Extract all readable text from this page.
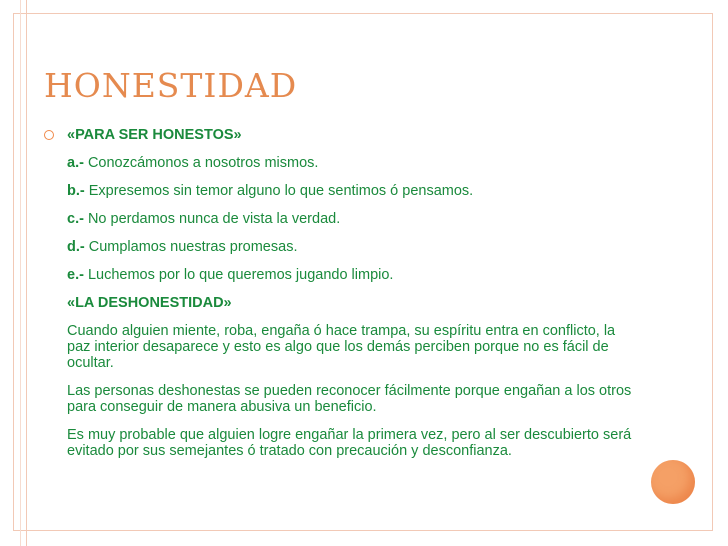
HONESTIDAD

«PARA SER HONESTOS»

a.- Conozcámonos a nosotros mismos.

b.- Expresemos sin temor alguno lo que sentimos ó pensamos.

c.- No perdamos nunca de vista la verdad.

d.- Cumplamos nuestras promesas.

e.- Luchemos por lo que queremos jugando limpio.

«LA DESHONESTIDAD»

Cuando alguien miente, roba, engaña ó hace trampa, su espíritu entra en conflicto, la paz interior desaparece y esto es algo que los demás perciben porque no es fácil de ocultar.

Las personas deshonestas se pueden reconocer fácilmente porque engañan a los otros para conseguir de manera abusiva un beneficio.

Es muy probable que alguien logre engañar la primera vez, pero al ser descubierto será evitado por sus semejantes ó tratado con precaución y desconfianza.
